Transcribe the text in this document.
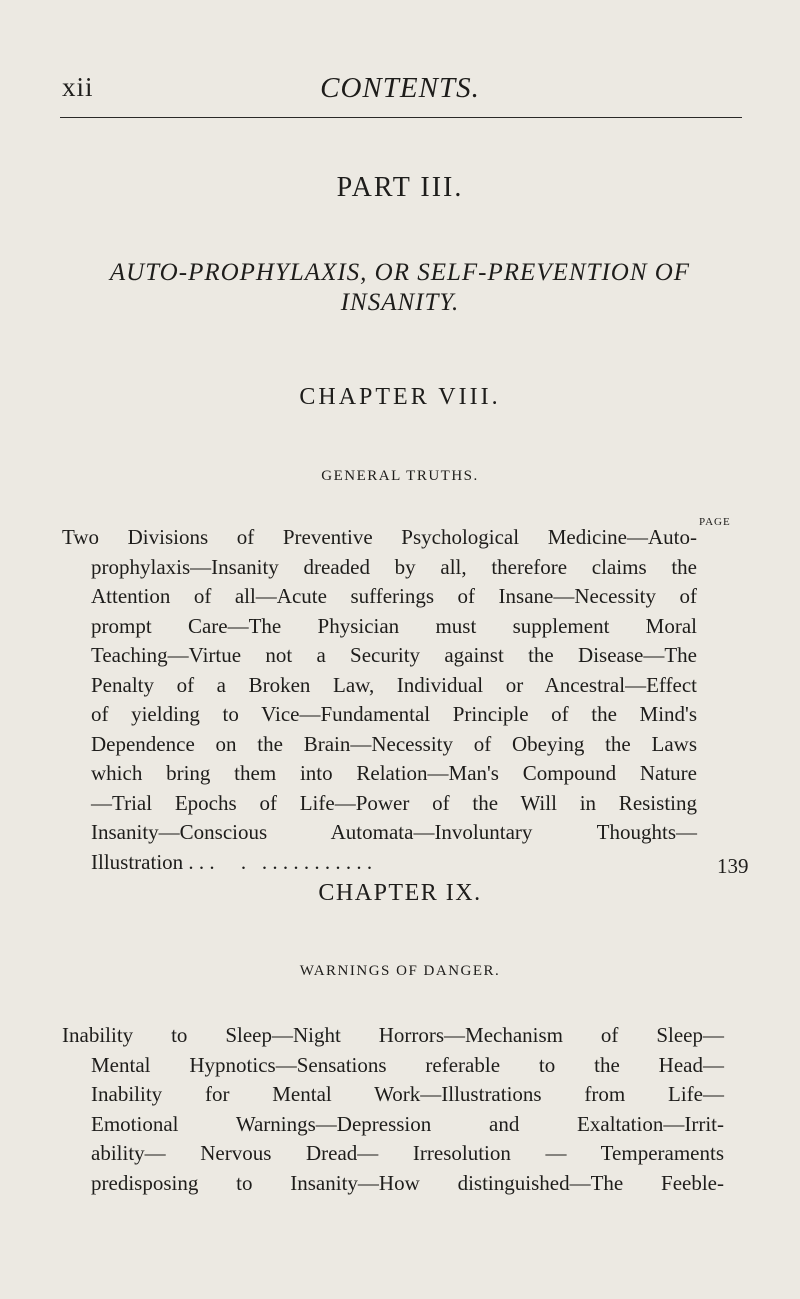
xii	CONTENTS.
PART III.
AUTO-PROPHYLAXIS, OR SELF-PREVENTION OF
INSANITY.
CHAPTER VIII.
GENERAL TRUTHS.
PAGE
Two Divisions of Preventive Psychological Medicine—Auto-
prophylaxis—Insanity dreaded by all, therefore claims the
Attention of all—Acute sufferings of Insane—Necessity of
prompt Care—The Physician must supplement Moral
Teaching—Virtue not a Security against the Disease—The
Penalty of a Broken Law, Individual or Ancestral—Effect
of yielding to Vice—Fundamental Principle of the Mind's
Dependence on the Brain—Necessity of Obeying the Laws
which bring them into Relation—Man's Compound Nature
—Trial Epochs of Life—Power of the Will in Resisting
Insanity—Conscious Automata—Involuntary Thoughts—
Illustration . . .     .   . . . . . . . . . . .	139
CHAPTER IX.
WARNINGS OF DANGER.
Inability to Sleep—Night Horrors—Mechanism of Sleep—
Mental Hypnotics—Sensations referable to the Head—
Inability for Mental Work—Illustrations from Life—
Emotional Warnings—Depression and Exaltation—Irrit-
ability— Nervous Dread— Irresolution — Temperaments
predisposing to Insanity—How distinguished—The Feeble-
